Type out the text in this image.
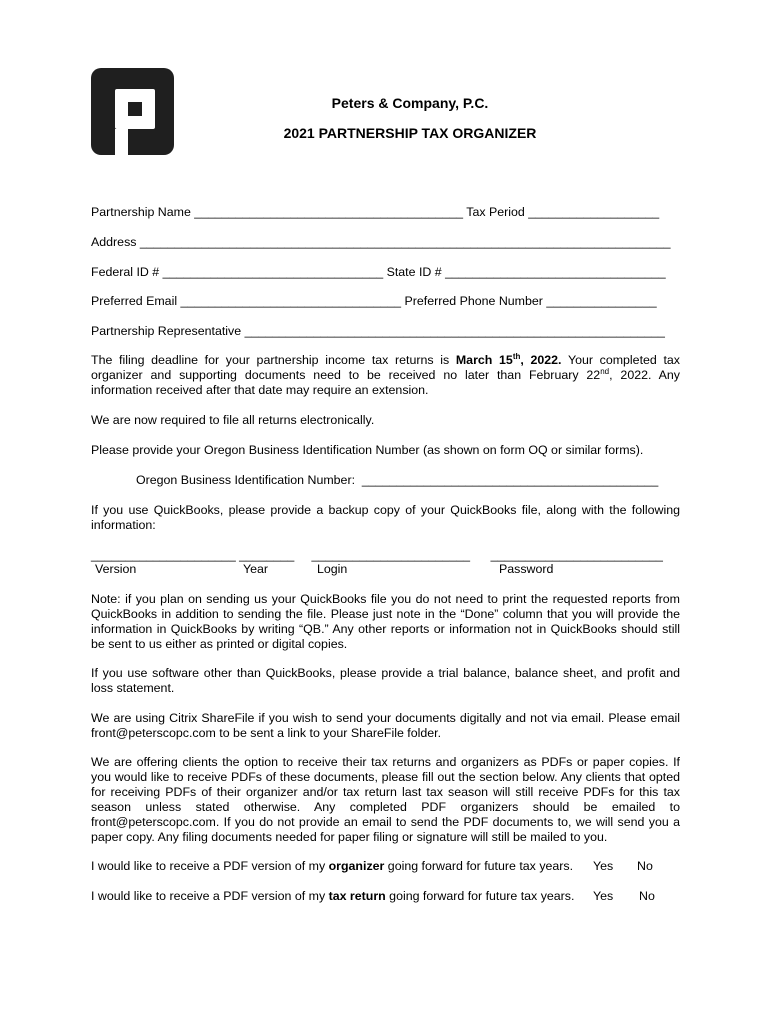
Peters & Company, P.C.
2021 PARTNERSHIP TAX ORGANIZER
Partnership Name _______________________________________ Tax Period ___________________
Address _____________________________________________________________________________
Federal ID # ________________________________ State ID # ________________________________
Preferred Email ________________________________ Preferred Phone Number ________________
Partnership Representative _____________________________________________________________
The filing deadline for your partnership income tax returns is March 15th, 2022. Your completed tax organizer and supporting documents need to be received no later than February 22nd, 2022. Any information received after that date may require an extension.
We are now required to file all returns electronically.
Please provide your Oregon Business Identification Number (as shown on form OQ or similar forms).
Oregon Business Identification Number:  ___________________________________________
If you use QuickBooks, please provide a backup copy of your QuickBooks file, along with the following information:
_____________________ ________     _______________________      _________________________
Version	Year	Login	Password
Note: if you plan on sending us your QuickBooks file you do not need to print the requested reports from QuickBooks in addition to sending the file. Please just note in the “Done” column that you will provide the information in QuickBooks by writing “QB.” Any other reports or information not in QuickBooks should still be sent to us either as printed or digital copies.
If you use software other than QuickBooks, please provide a trial balance, balance sheet, and profit and loss statement.
We are using Citrix ShareFile if you wish to send your documents digitally and not via email. Please email front@peterscopc.com to be sent a link to your ShareFile folder.
We are offering clients the option to receive their tax returns and organizers as PDFs or paper copies. If you would like to receive PDFs of these documents, please fill out the section below. Any clients that opted for receiving PDFs of their organizer and/or tax return last tax season will still receive PDFs for this tax season unless stated otherwise. Any completed PDF organizers should be emailed to front@peterscopc.com. If you do not provide an email to send the PDF documents to, we will send you a paper copy. Any filing documents needed for paper filing or signature will still be mailed to you.
I would like to receive a PDF version of my organizer going forward for future tax years. Yes No
I would like to receive a PDF version of my tax return going forward for future tax years. Yes No
